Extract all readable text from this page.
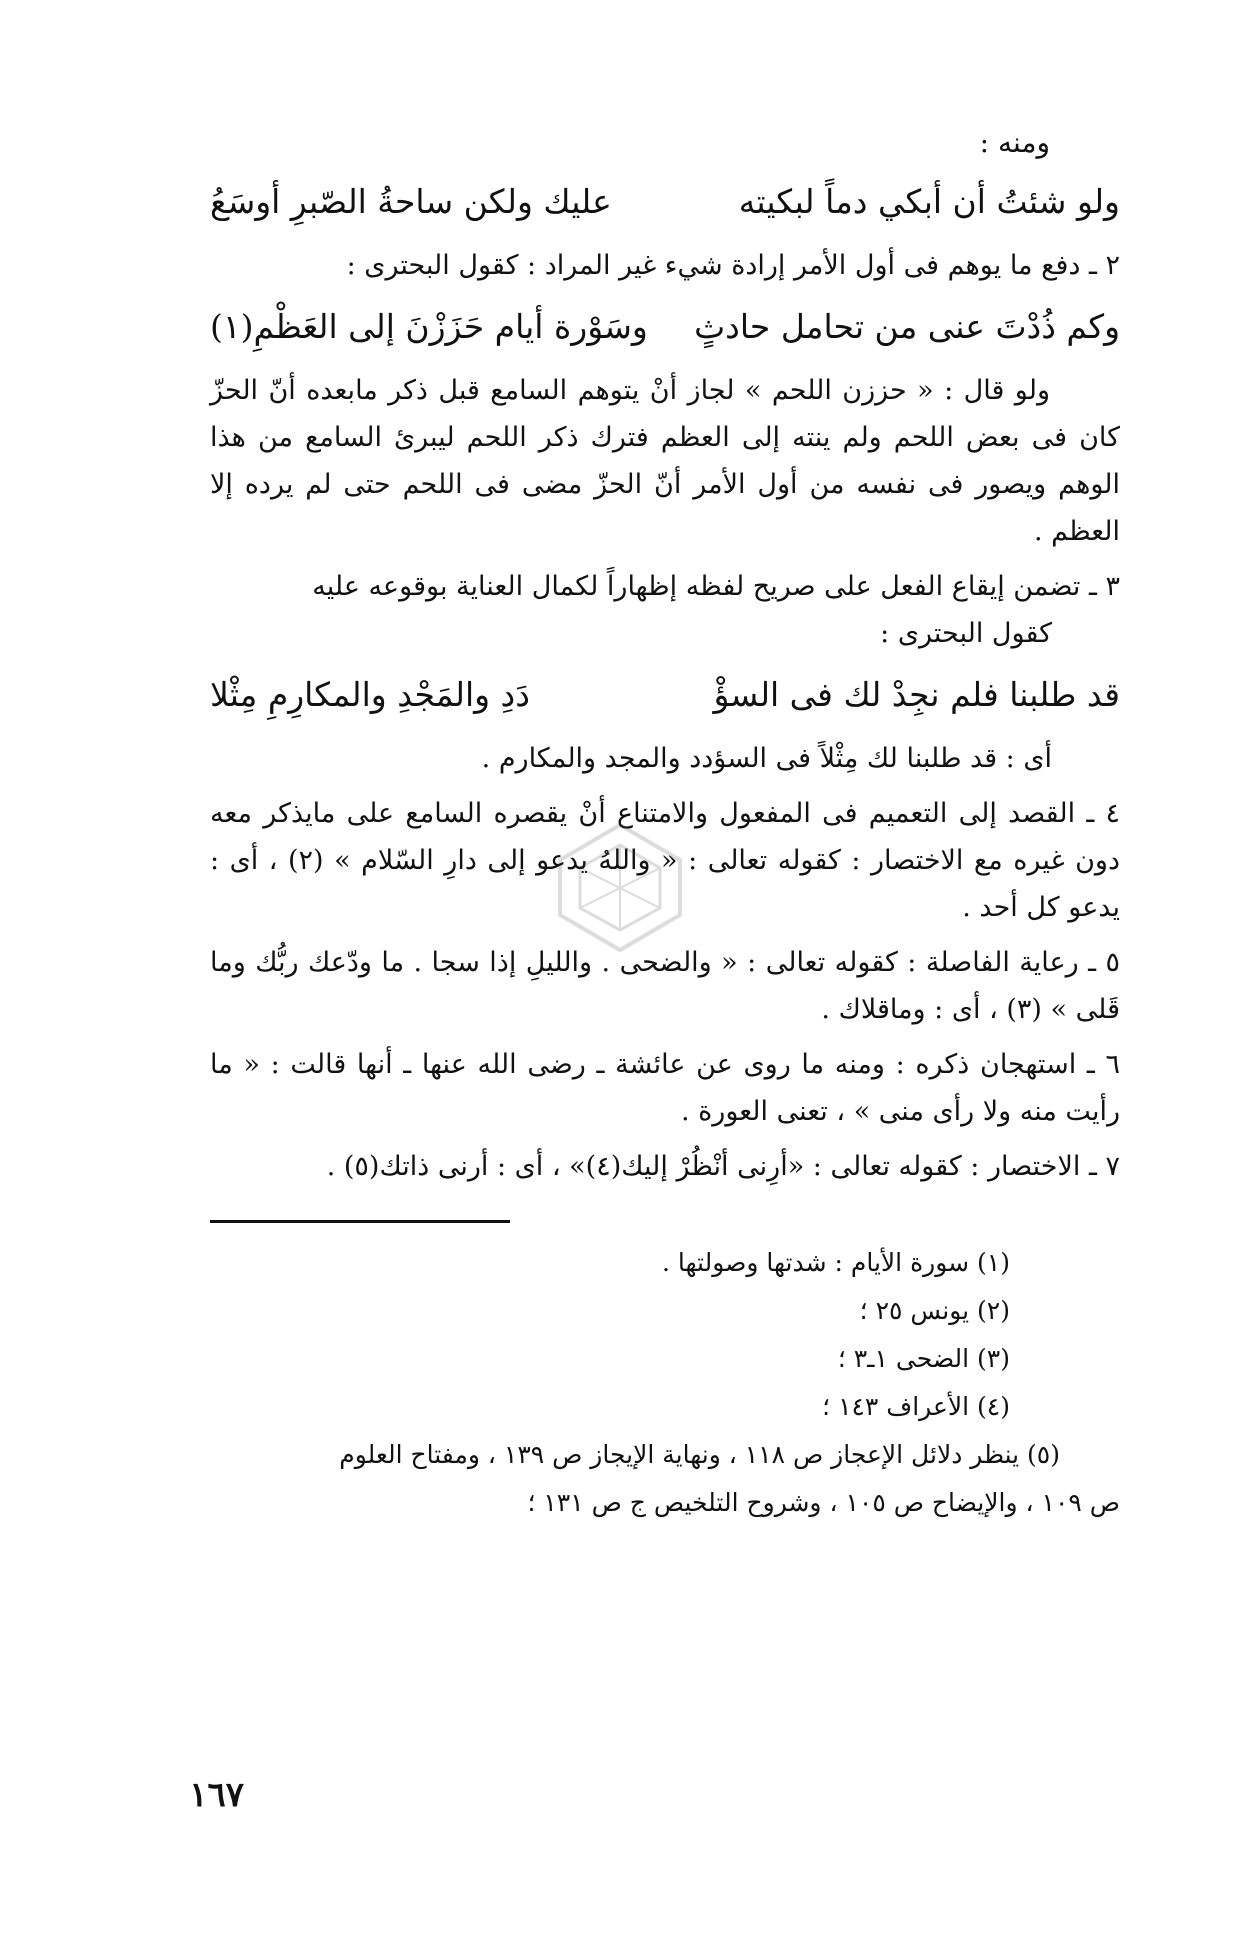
ومنه :
ولو شئتُ أن أبكي دماً لبكيته
عليك ولكن ساحةُ الصّبرِ أوسَعُ

٢ ـ دفع ما يوهم فى أول الأمر إرادة شيء غير المراد : كقول البحترى :

وكم ذُدْتَ عنى من تحامل حادثٍ
وسَوْرة أيام حَزَزْنَ إلى العَظْمِ(١)

ولو قال : « حززن اللحم » لجاز أنْ يتوهم السامع قبل ذكر مابعده أنّ الحزّ كان فى بعض اللحم ولم ينته إلى العظم فترك ذكر اللحم ليبرئ السامع من هذا الوهم ويصور فى نفسه من أول الأمر أنّ الحزّ مضى فى اللحم حتى لم يرده إلا العظم .

٣ ـ تضمن إيقاع الفعل على صريح لفظه إظهاراً لكمال العناية بوقوعه عليه

كقول البحترى :

قد طلبنا فلم نجِدْ لك فى السؤْ
دَدِ والمَجْدِ والمكارِمِ مِثْلا

أى : قد طلبنا لك مِثْلاً فى السؤدد والمجد والمكارم .

٤ ـ القصد إلى التعميم فى المفعول والامتناع أنْ يقصره السامع على مايذكر معه دون غيره مع الاختصار : كقوله تعالى : « واللهُ يدعو إلى دارِ السّلام » (٢) ، أى : يدعو كل أحد .

٥ ـ رعاية الفاصلة : كقوله تعالى : « والضحى . والليلِ إذا سجا . ما ودّعك ربُّك وما قَلى » (٣) ، أى : وماقلاك .

٦ ـ استهجان ذكره : ومنه ما روى عن عائشة ـ رضى الله عنها ـ أنها قالت : « ما رأيت منه ولا رأى منى » ، تعنى العورة .

٧ ـ الاختصار : كقوله تعالى : «أرِنى أنْظُرْ إليك(٤)» ، أى : أرنى ذاتك(٥) .

(١) سورة الأيام : شدتها وصولتها .
(٢) يونس ٢٥ ؛
(٣) الضحى ١ـ٣ ؛
(٤) الأعراف ١٤٣ ؛
(٥) ينظر دلائل الإعجاز ص ١١٨ ، ونهاية الإيجاز ص ١٣٩ ، ومفتاح العلوم
ص ١٠٩ ، والإيضاح ص ١٠٥ ، وشروح التلخيص ج ص ١٣١ ؛
١٦٧
